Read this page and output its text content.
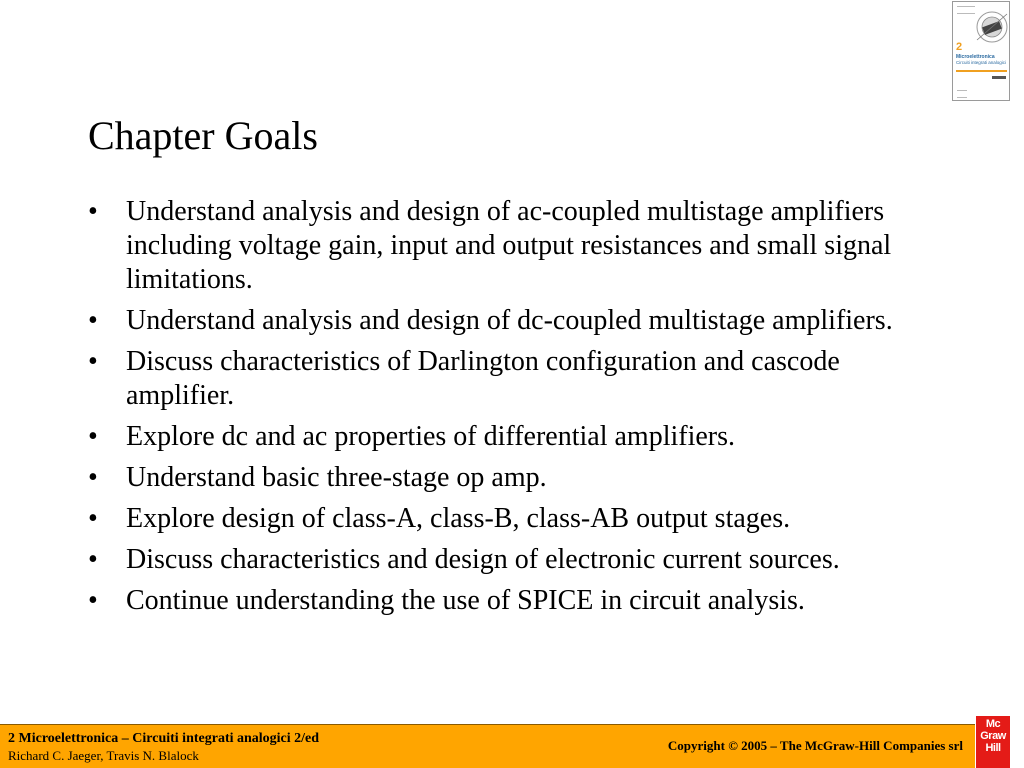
2
Microelettronica
Circuiti integrati analogici
Chapter Goals
•	Understand analysis and design of ac-coupled multistage amplifiers including voltage gain, input and output resistances and small signal limitations.
•	Understand analysis and design of dc-coupled multistage amplifiers.
•	Discuss characteristics of Darlington configuration and cascode amplifier.
•	Explore dc and ac properties of differential amplifiers.
•	Understand basic three-stage op amp.
•	Explore design of class-A, class-B, class-AB output stages.
•	Discuss characteristics and design of electronic current sources.
•	Continue understanding the use of SPICE in circuit analysis.
2 Microelettronica – Circuiti integrati analogici 2/ed
Richard C. Jaeger, Travis N. Blalock
Copyright © 2005 – The McGraw-Hill Companies srl
Mc
Graw
Hill
